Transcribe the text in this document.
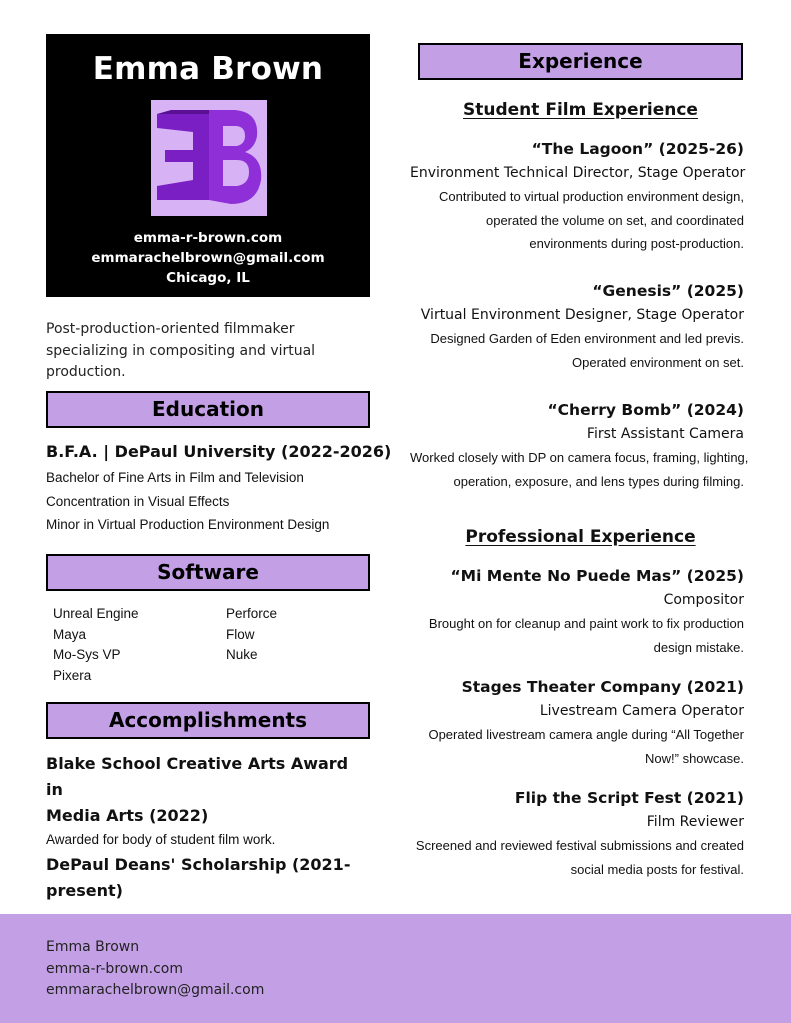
Emma Brown
emma-r-brown.com
emmarachelbrown@gmail.com
Chicago, IL
Post-production-oriented filmmaker
specializing in compositing and virtual
production.
Education
B.F.A. | DePaul University (2022-2026)
Bachelor of Fine Arts in Film and Television
Concentration in Visual Effects
Minor in Virtual Production Environment Design
Software
Unreal Engine
Maya
Mo-Sys VP
Pixera
Perforce
Flow
Nuke
Accomplishments
Blake School Creative Arts Award in
Media Arts (2022)
Awarded for body of student film work.
DePaul Deans' Scholarship (2021-
present)
Experience
Student Film Experience
“The Lagoon” (2025-26)
Environment Technical Director, Stage Operator
Contributed to virtual production environment design,
operated the volume on set, and coordinated
environments during post-production.
“Genesis” (2025)
Virtual Environment Designer, Stage Operator
Designed Garden of Eden environment and led previs.
Operated environment on set.
“Cherry Bomb” (2024)
First Assistant Camera
Worked closely with DP on camera focus, framing, lighting,
operation, exposure, and lens types during filming.
Professional Experience
“Mi Mente No Puede Mas” (2025)
Compositor
Brought on for cleanup and paint work to fix production
design mistake.
Stages Theater Company (2021)
Livestream Camera Operator
Operated livestream camera angle during “All Together
Now!” showcase.
Flip the Script Fest (2021)
Film Reviewer
Screened and reviewed festival submissions and created
social media posts for festival.
Emma Brown
emma-r-brown.com
emmarachelbrown@gmail.com
